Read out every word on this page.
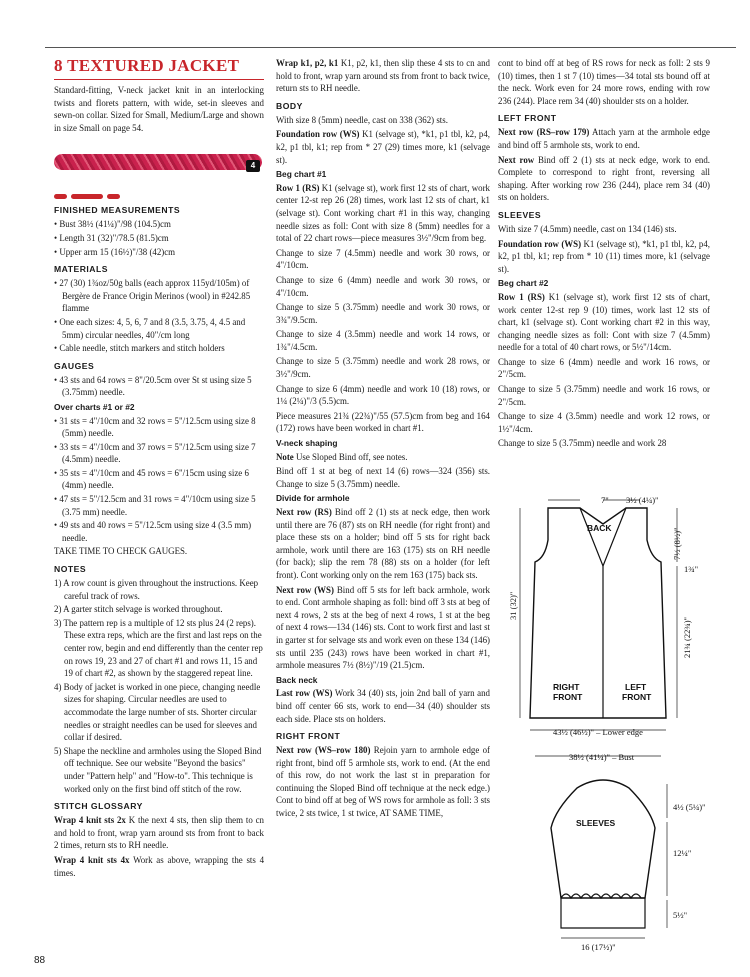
8 TEXTURED JACKET

Standard-fitting, V-neck jacket knit in an interlocking twists and florets pattern, with wide, set-in sleeves and sewn-on collar. Sized for Small, Medium/Large and shown in size Small on page 54.

4
FINISHED MEASUREMENTS
• Bust 38½ (41¼)"/98 (104.5)cm
• Length 31 (32)"/78.5 (81.5)cm
• Upper arm 15 (16½)"/38 (42)cm
MATERIALS
• 27 (30) 1¾oz/50g balls (each approx 115yd/105m) of Bergère de France Origin Merinos (wool) in #242.85 flamme
• One each sizes: 4, 5, 6, 7 and 8 (3.5, 3.75, 4, 4.5 and 5mm) circular needles, 40"/cm long
• Cable needle, stitch markers and stitch holders
GAUGES
• 43 sts and 64 rows = 8"/20.5cm over St st using size 5 (3.75mm) needle.
Over charts #1 or #2
• 31 sts = 4"/10cm and 32 rows = 5"/12.5cm using size 8 (5mm) needle.
• 33 sts = 4"/10cm and 37 rows = 5"/12.5cm using size 7 (4.5mm) needle.
• 35 sts = 4"/10cm and 45 rows = 6"/15cm using size 6 (4mm) needle.
• 47 sts = 5"/12.5cm and 31 rows = 4"/10cm using size 5 (3.75 mm) needle.
• 49 sts and 40 rows = 5"/12.5cm using size 4 (3.5 mm) needle.

TAKE TIME TO CHECK GAUGES.

NOTES
1) A row count is given throughout the instructions. Keep careful track of rows.
2) A garter stitch selvage is worked throughout.
3) The pattern rep is a multiple of 12 sts plus 24 (2 reps). These extra reps, which are the first and last reps on the center row, begin and end differently than the center rep on rows 19, 23 and 27 of chart #1 and rows 11, 15 and 19 of chart #2, as shown by the staggered repeat line.
4) Body of jacket is worked in one piece, changing needle sizes for shaping. Circular needles are used to accommodate the large number of sts. Shorter circular needles or straight needles can be used for sleeves and collar if desired.
5) Shape the neckline and armholes using the Sloped Bind off technique. See our website "Beyond the basics" under "Pattern help" and "How-to". This technique is worked only on the first bind off stitch of the row.
STITCH GLOSSARY

Wrap 4 knit sts 2x K the next 4 sts, then slip them to cn and hold to front, wrap yarn around sts from front to back 2 times, return sts to RH needle.

Wrap 4 knit sts 4x Work as above, wrapping the sts 4 times.

Wrap k1, p2, k1 K1, p2, k1, then slip these 4 sts to cn and hold to front, wrap yarn around sts from front to back twice, return sts to RH needle.

BODY

With size 8 (5mm) needle, cast on 338 (362) sts.

Foundation row (WS) K1 (selvage st), *k1, p1 tbl, k2, p4, k2, p1 tbl, k1; rep from * 27 (29) times more, k1 (selvage st).

Beg chart #1

Row 1 (RS) K1 (selvage st), work first 12 sts of chart, work center 12-st rep 26 (28) times, work last 12 sts of chart, k1 (selvage st). Cont working chart #1 in this way, changing needle sizes as foll: Cont with size 8 (5mm) needles for a total of 22 chart rows—piece measures 3½"/9cm from beg.

Change to size 7 (4.5mm) needle and work 30 rows, or 4"/10cm.

Change to size 6 (4mm) needle and work 30 rows, or 4"/10cm.

Change to size 5 (3.75mm) needle and work 30 rows, or 3¾"/9.5cm.

Change to size 4 (3.5mm) needle and work 14 rows, or 1¾"/4.5cm.

Change to size 5 (3.75mm) needle and work 28 rows, or 3½"/9cm.

Change to size 6 (4mm) needle and work 10 (18) rows, or 1¼ (2¼)"/3 (5.5)cm.

Piece measures 21¾ (22¾)"/55 (57.5)cm from beg and 164 (172) rows have been worked in chart #1.

V-neck shaping

Note Use Sloped Bind off, see notes.

Bind off 1 st at beg of next 14 (6) rows—324 (356) sts. Change to size 5 (3.75mm) needle.

Divide for armhole

Next row (RS) Bind off 2 (1) sts at neck edge, then work until there are 76 (87) sts on RH needle (for right front) and place these sts on a holder; bind off 5 sts for right back armhole, work until there are 163 (175) sts on RH needle (for back); slip the rem 78 (88) sts on a holder (for left front). Cont working only on the rem 163 (175) back sts.

Next row (WS) Bind off 5 sts for left back armhole, work to end. Cont armhole shaping as foll: bind off 3 sts at beg of next 4 rows, 2 sts at the beg of next 4 rows, 1 st at the beg of next 4 rows—134 (146) sts. Cont to work first and last st in garter st for selvage sts and work even on these 134 (146) sts until 235 (243) rows have been worked in chart #1, armhole measures 7½ (8½)"/19 (21.5)cm.

Back neck

Last row (WS) Work 34 (40) sts, join 2nd ball of yarn and bind off center 66 sts, work to end—34 (40) shoulder sts each side. Place sts on holders.

RIGHT FRONT

Next row (WS–row 180) Rejoin yarn to armhole edge of right front, bind off 5 armhole sts, work to end. (At the end of this row, do not work the last st in preparation for continuing the Sloped Bind off technique at the neck edge.) Cont to bind off at beg of WS rows for armhole as foll: 3 sts twice, 2 sts twice, 1 st twice, AT SAME TIME,

cont to bind off at beg of RS rows for neck as foll: 2 sts 9 (10) times, then 1 st 7 (10) times—34 total sts bound off at the neck. Work even for 24 more rows, ending with row 236 (244). Place rem 34 (40) shoulder sts on a holder.

LEFT FRONT

Next row (RS–row 179) Attach yarn at the armhole edge and bind off 5 armhole sts, work to end.

Next row Bind off 2 (1) sts at neck edge, work to end. Complete to correspond to right front, reversing all shaping. After working row 236 (244), place rem 34 (40) sts on holders.

SLEEVES

With size 7 (4.5mm) needle, cast on 134 (146) sts.

Foundation row (WS) K1 (selvage st), *k1, p1 tbl, k2, p4, k2, p1 tbl, k1; rep from * 10 (11) times more, k1 (selvage st).

Beg chart #2

Row 1 (RS) K1 (selvage st), work first 12 sts of chart, work center 12-st rep 9 (10) times, work last 12 sts of chart, k1 (selvage st). Cont working chart #2 in this way, changing needle sizes as foll: Cont with size 7 (4.5mm) needle for a total of 40 chart rows, or 5½"/14cm.

Change to size 6 (4mm) needle and work 16 rows, or 2"/5cm.

Change to size 5 (3.75mm) needle and work 16 rows, or 2"/5cm.

Change to size 4 (3.5mm) needle and work 12 rows, or 1½"/4cm.

Change to size 5 (3.75mm) needle and work 28

7" 3½ (4¼)"
BACK
RIGHT
FRONT
LEFT
FRONT
31 (32)"
7½ (8½)"
1¾"
21¾ (22¾)"
43½ (46½)" – Lower edge
38½ (41¼)" – Bust
SLEEVES
4½ (5¼)"
12¼"
5½"
16 (17½)"
88
